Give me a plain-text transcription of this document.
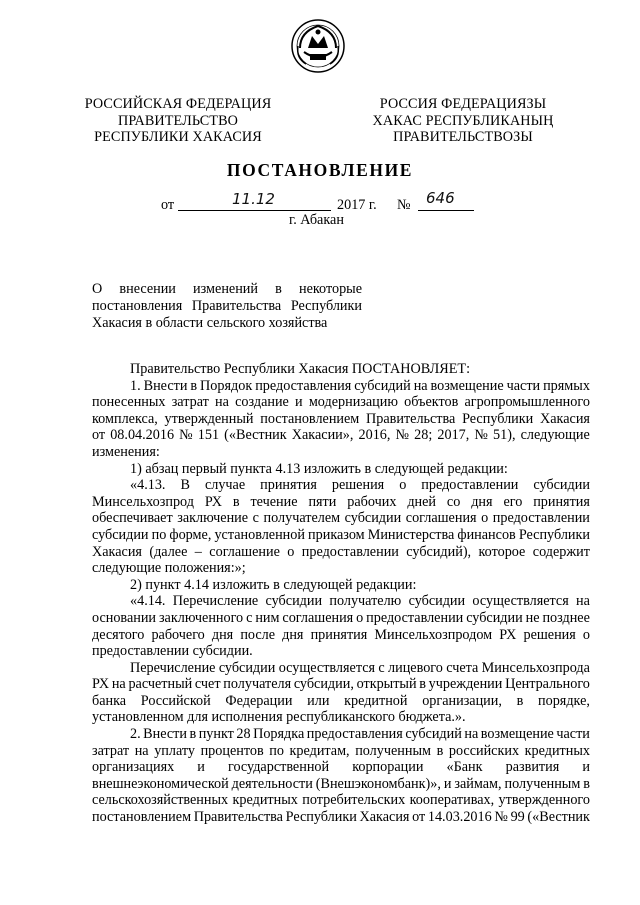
РОССИЙСКАЯ ФЕДЕРАЦИЯ
ПРАВИТЕЛЬСТВО
РЕСПУБЛИКИ ХАКАСИЯ
РОССИЯ ФЕДЕРАЦИЯЗЫ
ХАКАС РЕСПУБЛИКАНЫҢ
ПРАВИТЕЛЬСТВОЗЫ
ПОСТАНОВЛЕНИЕ
от	11.12	2017 г. № 646
г. Абакан
О внесении изменений в некоторые
постановления Правительства Республики
Хакасия в области сельского хозяйства
Правительство Республики Хакасия ПОСТАНОВЛЯЕТ:
1. Внести в Порядок предоставления субсидий на возмещение части прямых
понесенных затрат на создание и модернизацию объектов агропромышленного
комплекса, утвержденный постановлением Правительства Республики Хакасия
от 08.04.2016 № 151 («Вестник Хакасии», 2016, № 28; 2017, № 51), следующие
изменения:
1) абзац первый пункта 4.13 изложить в следующей редакции:
«4.13. В случае принятия решения о предоставлении субсидии
Минсельхозпрод РХ в течение пяти рабочих дней со дня его принятия
обеспечивает заключение с получателем субсидии соглашения о предоставлении
субсидии по форме, установленной приказом Министерства финансов Республики
Хакасия (далее – соглашение о предоставлении субсидий), которое содержит
следующие положения:»;
2) пункт 4.14 изложить в следующей редакции:
«4.14. Перечисление субсидии получателю субсидии осуществляется на
основании заключенного с ним соглашения о предоставлении субсидии не позднее
десятого рабочего дня после дня принятия Минсельхозпродом РХ решения о
предоставлении субсидии.
Перечисление субсидии осуществляется с лицевого счета Минсельхозпрода
РХ на расчетный счет получателя субсидии, открытый в учреждении Центрального
банка Российской Федерации или кредитной организации, в порядке,
установленном для исполнения республиканского бюджета.».
2. Внести в пункт 28 Порядка предоставления субсидий на возмещение части
затрат на уплату процентов по кредитам, полученным в российских кредитных
организациях и государственной корпорации «Банк развития и
внешнеэкономической деятельности (Внешэкономбанк)», и займам, полученным в
сельскохозяйственных кредитных потребительских кооперативах, утвержденного
постановлением Правительства Республики Хакасия от 14.03.2016 № 99 («Вестник
